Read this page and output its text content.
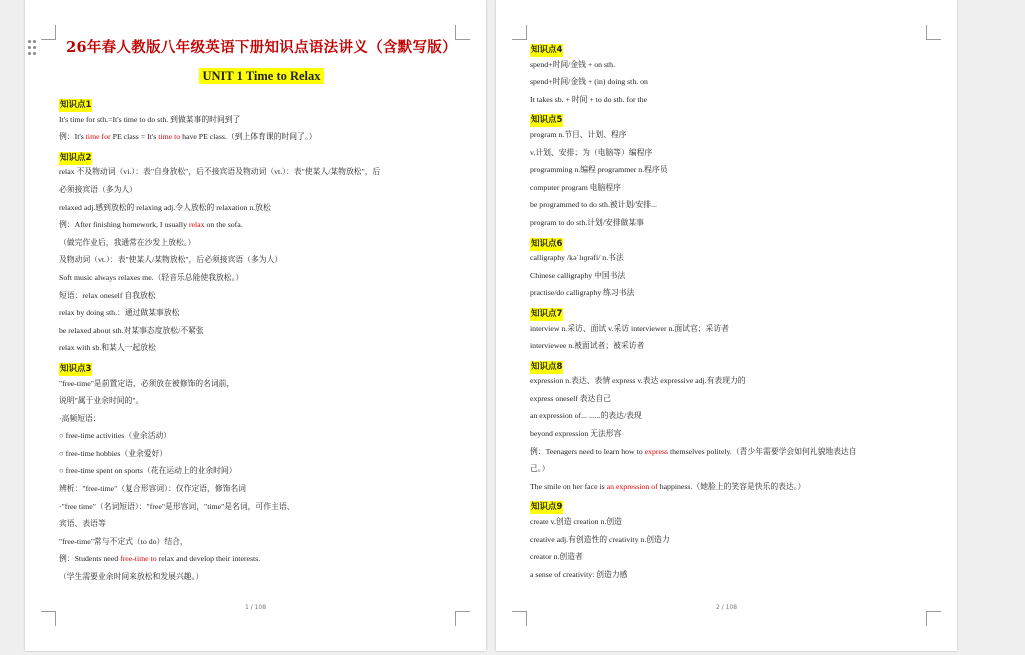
26年春人教版八年级英语下册知识点语法讲义（含默写版）
UNIT 1 Time to Relax
知识点1
It's time for sth.=It's time to do sth. 到做某事的时间到了
例：It's time for PE class = It's time to have PE class.（到上体育课的时间了。）
知识点2
relax 不及物动词（vi.）：表"自身放松"，后不接宾语及物动词（vt.）：表"使某人/某物放松"，后
必须接宾语（多为人）
relaxed adj.感到放松的 relaxing adj.令人放松的 relaxation n.放松
例：After finishing homework, I usually relax on the sofa.
（做完作业后，我通常在沙发上放松。）
及物动词（vt.）：表"使某人/某物放松"，后必须接宾语（多为人）
Soft music always relaxes me.（轻音乐总能使我放松。）
短语：relax oneself 自我放松
relax by doing sth.：通过做某事放松
be relaxed about sth.对某事态度放松/不紧张
relax with sb.和某人一起放松
知识点3
"free-time"是前置定语，必须放在被修饰的名词前，
说明"属于业余时间的"。
·高频短语：
○ free-time activities（业余活动）
○ free-time hobbies（业余爱好）
○ free-time spent on sports（花在运动上的业余时间）
辨析："free-time"（复合形容词）：仅作定语，修饰名词
·"free time"（名词短语）："free"是形容词，"time"是名词，可作主语、
宾语、表语等
"free-time"常与不定式（to do）结合，
例：Students need free-time to relax and develop their interests.
（学生需要业余时间来放松和发展兴趣。）
1 / 108
知识点4
spend+时间/金钱 + on sth.
spend+时间/金钱 + (in) doing sth. on
It takes sb. + 时间 + to do sth. for the
知识点5
program n.节目、计划、程序
v.计划、安排；为（电脑等）编程序
programming n.编程 programmer n.程序员
computer program 电脑程序
be programmed to do sth.被计划/安排...
program to do sth.计划/安排做某事
知识点6
calligraphy /kəˈlɪɡrəfi/ n.书法
Chinese calligraphy 中国书法
practise/do calligraphy 练习书法
知识点7
interview n.采访、面试 v.采访 interviewer n.面试官；采访者
interviewee n.被面试者；被采访者
知识点8
expression n.表达、表情 express v.表达 expressive adj.有表现力的
express oneself 表达自己
an expression of... ......的表达/表现
beyond expression 无法形容
例：Teenagers need to learn how to express themselves politely.（青少年需要学会如何礼貌地表达自
己。）
The smile on her face is an expression of happiness.（她脸上的笑容是快乐的表达。）
知识点9
create v.创造 creation n.创造
creative adj.有创造性的 creativity n.创造力
creator n.创造者
a sense of creativity: 创造力感
2 / 108
